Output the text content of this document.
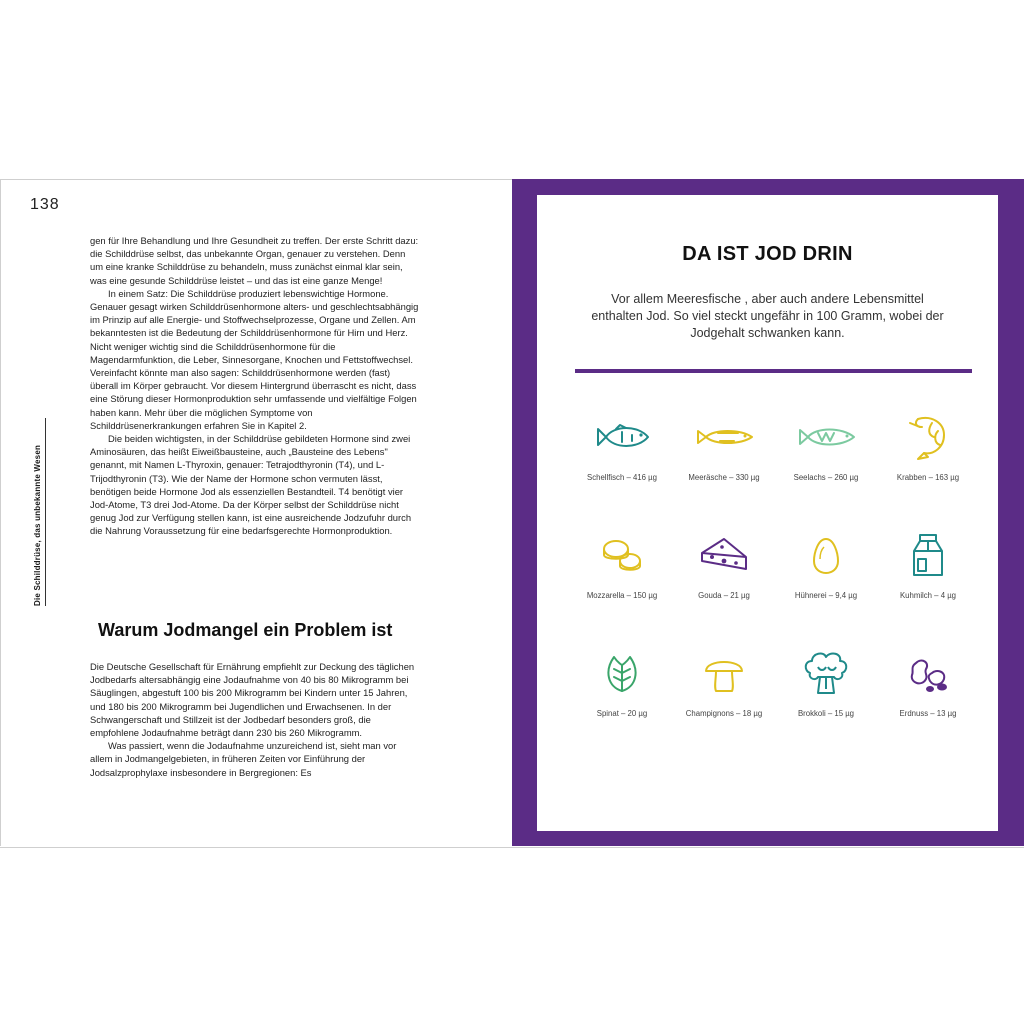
138
Die Schilddrüse, das unbekannte Wesen

gen für Ihre Behandlung und Ihre Gesundheit zu treffen. Der erste Schritt dazu: die Schilddrüse selbst, das unbekannte Organ, genauer zu verstehen. Denn um eine kranke Schilddrüse zu behandeln, muss zunächst einmal klar sein, was eine gesunde Schilddrüse leistet – und das ist eine ganze Menge!

In einem Satz: Die Schilddrüse produziert lebenswichtige Hormone. Genauer gesagt wirken Schilddrüsenhormone alters- und geschlechtsabhängig im Prinzip auf alle Energie- und Stoffwechselprozesse, Organe und Zellen. Am bekanntesten ist die Bedeutung der Schilddrüsenhormone für Hirn und Herz. Nicht weniger wichtig sind die Schilddrüsenhormone für die Magendarmfunktion, die Leber, Sinnesorgane, Knochen und Fettstoffwechsel. Vereinfacht könnte man also sagen: Schilddrüsenhormone werden (fast) überall im Körper gebraucht. Vor diesem Hintergrund überrascht es nicht, dass eine Störung dieser Hormonproduktion sehr umfassende und vielfältige Folgen haben kann. Mehr über die möglichen Symptome von Schilddrüsenerkrankungen erfahren Sie in Kapitel 2.

Die beiden wichtigsten, in der Schilddrüse gebildeten Hormone sind zwei Aminosäuren, das heißt Eiweißbausteine, auch „Bausteine des Lebens" genannt, mit Namen L-Thyroxin, genauer: Tetrajodthyronin (T4), und L-Trijodthyronin (T3). Wie der Name der Hormone schon vermuten lässt, benötigen beide Hormone Jod als essenziellen Bestandteil. T4 benötigt vier Jod-Atome, T3 drei Jod-Atome. Da der Körper selbst der Schilddrüse nicht genug Jod zur Verfügung stellen kann, ist eine ausreichende Jodzufuhr durch die Nahrung Voraussetzung für eine bedarfsgerechte Hormonproduktion.

Warum Jodmangel ein Problem ist

Die Deutsche Gesellschaft für Ernährung empfiehlt zur Deckung des täglichen Jodbedarfs altersabhängig eine Jodaufnahme von 40 bis 80 Mikrogramm bei Säuglingen, abgestuft 100 bis 200 Mikrogramm bei Kindern unter 15 Jahren, und 180 bis 200 Mikrogramm bei Jugendlichen und Erwachsenen. In der Schwangerschaft und Stillzeit ist der Jodbedarf besonders groß, die empfohlene Jodaufnahme beträgt dann 230 bis 260 Mikrogramm.

Was passiert, wenn die Jodaufnahme unzureichend ist, sieht man vor allem in Jodmangelgebieten, in früheren Zeiten vor Einführung der Jodsalzprophylaxe insbesondere in Bergregionen: Es

DA IST JOD DRIN
Vor allem Meeresfische , aber auch andere Lebensmittel enthalten Jod. So viel steckt ungefähr in 100 Gramm, wobei der Jodgehalt schwanken kann.
Schellfisch – 416 µg	Meeräsche – 330 µg	Seelachs – 260 µg	Krabben – 163 µg
Mozzarella – 150 µg	Gouda – 21 µg	Hühnerei – 9,4 µg	Kuhmilch – 4 µg
Spinat – 20 µg	Champignons – 18 µg	Brokkoli – 15 µg	Erdnuss – 13 µg
